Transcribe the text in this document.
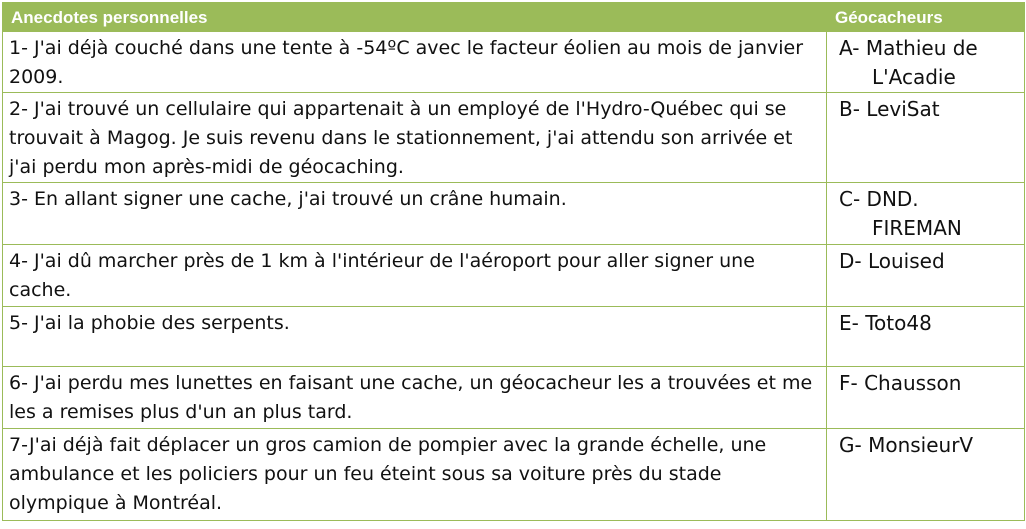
Anecdotes personnelles	Géocacheurs
1- J'ai déjà couché dans une tente à -54ºC avec le facteur éolien au mois de janvier 2009.	A- Mathieu de
L'Acadie

2- J'ai trouvé un cellulaire qui appartenait à un employé de l'Hydro-Québec qui se trouvait à Magog. Je suis revenu dans le stationnement, j'ai attendu son arrivée et j'ai perdu mon après-midi de géocaching.	B- LeviSat

3- En allant signer une cache, j'ai trouvé un crâne humain.	C- DND.
FIREMAN

4- J'ai dû marcher près de 1 km à l'intérieur de l'aéroport pour aller signer une cache.	D- Louised

5- J'ai la phobie des serpents.	E- Toto48

6- J'ai perdu mes lunettes en faisant une cache, un géocacheur les a trouvées et me les a remises plus d'un an plus tard.	F- Chausson

7-J'ai déjà fait déplacer un gros camion de pompier avec la grande échelle, une ambulance et les policiers pour un feu éteint sous sa voiture près du stade olympique à Montréal.	G- MonsieurV
